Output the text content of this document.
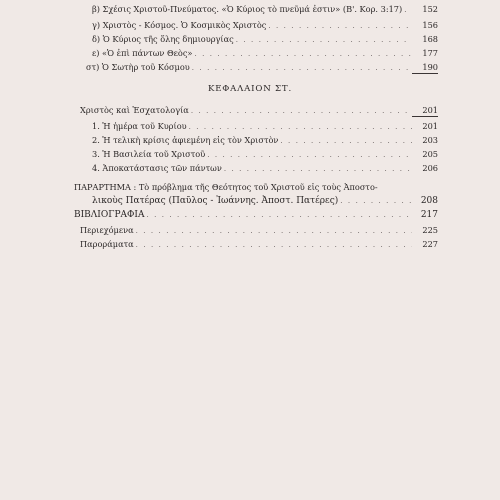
β) Σχέσις Χριστοῦ-Πνεύματος. «Ὁ Κύριος τὸ πνεῦμά ἐστιν» (Β'. Κορ. 3:17) . . .	152
γ) Χριστὸς - Κόσμος. Ὁ Κοσμικὸς Χριστὸς . . .	156
δ) Ὁ Κύριος τῆς ὅλης δημιουργίας . . .	168
ε) «Ὁ ἐπὶ πάντων Θεὸς» . . .	177
στ) Ὁ Σωτὴρ τοῦ Κόσμου . . .	190
ΚΕΦΑΛΑΙΟΝ ΣΤ.
Χριστὸς καὶ Ἐσχατολογία . . .	201
1. Ἡ ἡμέρα τοῦ Κυρίου . . .	201
2. Ἡ τελικὴ κρίσις ἀφιεμένη εἰς τὸν Χριστὸν . . .	203
3. Ἡ Βασιλεία τοῦ Χριστοῦ . . .	205
4. Ἀποκατάστασις τῶν πάντων . . .	206
ΠΑΡΑΡΤΗΜΑ : Τὸ πρόβλημα τῆς Θεότητος τοῦ Χριστοῦ εἰς τοὺς Ἀποστο-
λικοὺς Πατέρας (Παῦλος - Ἰωάννης. Ἀποστ. Πατέρες) . . .	208
ΒΙΒΛΙΟΓΡΑΦΙΑ . . .	217
Περιεχόμενα . . .	225
Παροράματα . . .	227
